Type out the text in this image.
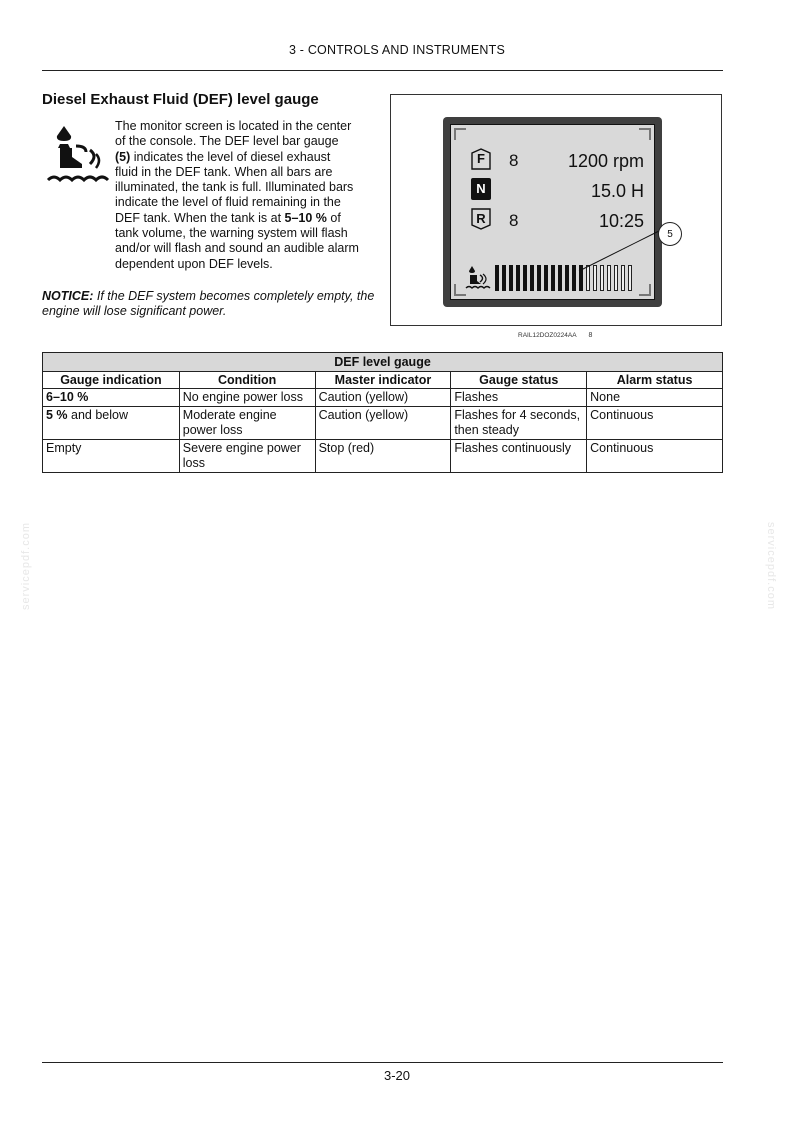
3 - CONTROLS AND INSTRUMENTS
Diesel Exhaust Fluid (DEF) level gauge
The monitor screen is located in the center
of the console. The DEF level bar gauge
(5) indicates the level of diesel exhaust
fluid in the DEF tank. When all bars are
illuminated, the tank is full. Illuminated bars
indicate the level of fluid remaining in the
DEF tank. When the tank is at 5–10 % of
tank volume, the warning system will flash
and/or will flash and sound an audible alarm
dependent upon DEF levels.
NOTICE: If the DEF system becomes completely empty, the engine will lose significant power.
F	8
N
R	8
1200 rpm
15.0 H
10:25
5
RAIL12DOZ0224AA 8
DEF level gauge				
Gauge indication	Condition	Master indicator	Gauge status	Alarm status
6–10 %	No engine power loss	Caution (yellow)	Flashes	None
5 % and below	Moderate engine power loss	Caution (yellow)	Flashes for 4 seconds, then steady	Continuous
Empty	Severe engine power loss	Stop (red)	Flashes continuously	Continuous
servicepdf.com	servicepdf.com
3-20
